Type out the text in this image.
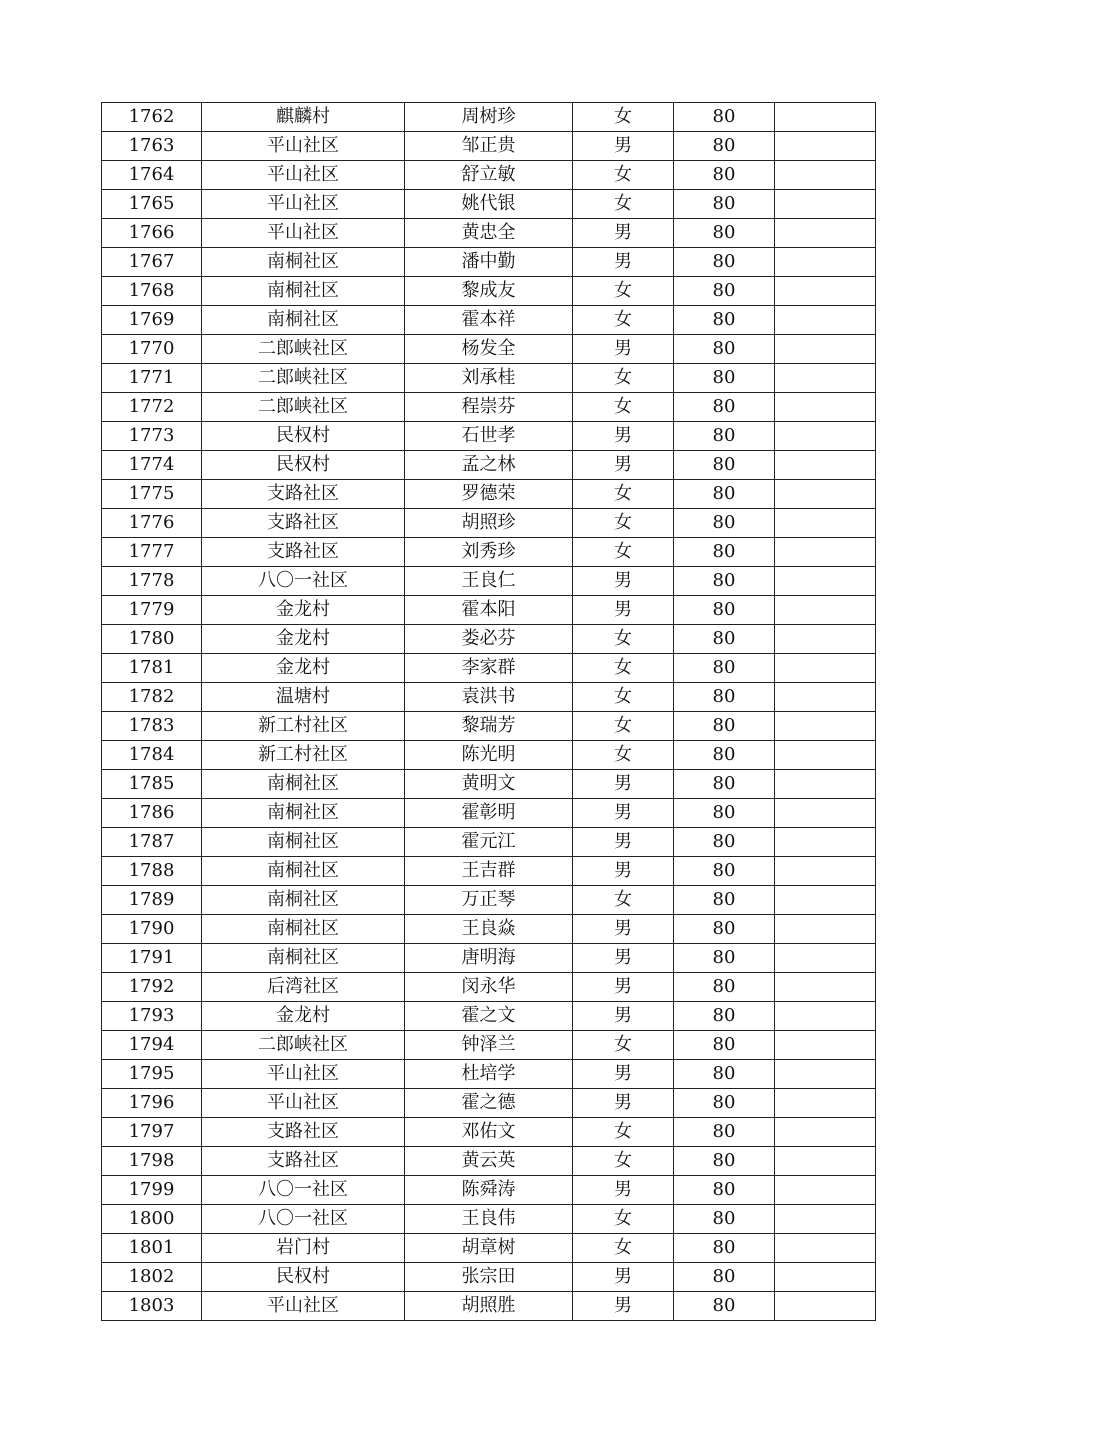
1762	麒麟村	周树珍	女	80	
1763	平山社区	邹正贵	男	80	
1764	平山社区	舒立敏	女	80	
1765	平山社区	姚代银	女	80	
1766	平山社区	黄忠全	男	80	
1767	南桐社区	潘中勤	男	80	
1768	南桐社区	黎成友	女	80	
1769	南桐社区	霍本祥	女	80	
1770	二郎峡社区	杨发全	男	80	
1771	二郎峡社区	刘承桂	女	80	
1772	二郎峡社区	程崇芬	女	80	
1773	民权村	石世孝	男	80	
1774	民权村	孟之林	男	80	
1775	支路社区	罗德荣	女	80	
1776	支路社区	胡照珍	女	80	
1777	支路社区	刘秀珍	女	80	
1778	八〇一社区	王良仁	男	80	
1779	金龙村	霍本阳	男	80	
1780	金龙村	娄必芬	女	80	
1781	金龙村	李家群	女	80	
1782	温塘村	袁洪书	女	80	
1783	新工村社区	黎瑞芳	女	80	
1784	新工村社区	陈光明	女	80	
1785	南桐社区	黄明文	男	80	
1786	南桐社区	霍彰明	男	80	
1787	南桐社区	霍元江	男	80	
1788	南桐社区	王吉群	男	80	
1789	南桐社区	万正琴	女	80	
1790	南桐社区	王良焱	男	80	
1791	南桐社区	唐明海	男	80	
1792	后湾社区	闵永华	男	80	
1793	金龙村	霍之文	男	80	
1794	二郎峡社区	钟泽兰	女	80	
1795	平山社区	杜培学	男	80	
1796	平山社区	霍之德	男	80	
1797	支路社区	邓佑文	女	80	
1798	支路社区	黄云英	女	80	
1799	八〇一社区	陈舜涛	男	80	
1800	八〇一社区	王良伟	女	80	
1801	岩门村	胡章树	女	80	
1802	民权村	张宗田	男	80	
1803	平山社区	胡照胜	男	80	
